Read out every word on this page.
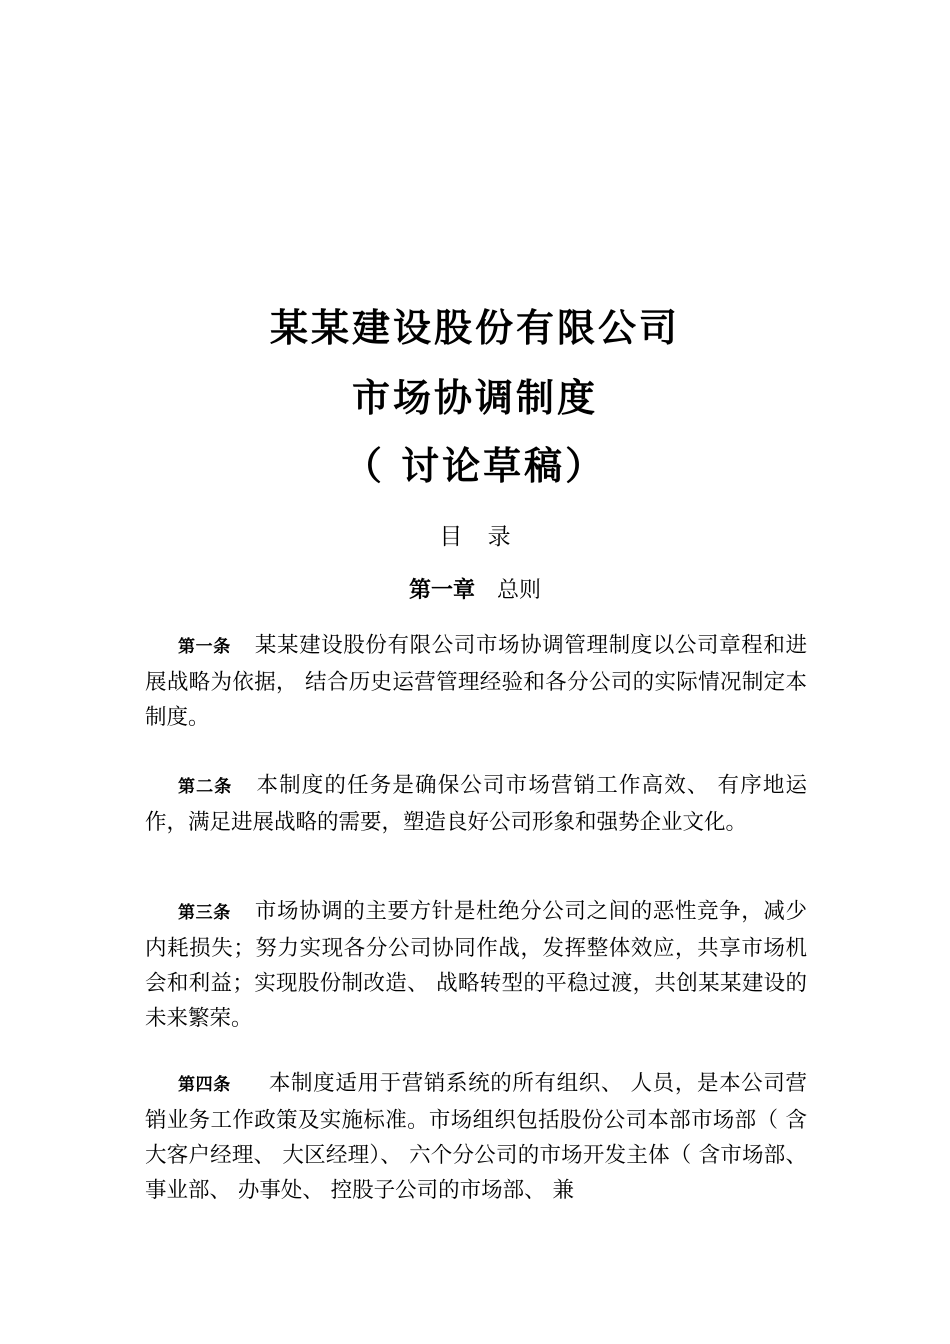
某某建设股份有限公司
市场协调制度
（ 讨论草稿）
目 录
第一章 总则

第一条 某某建设股份有限公司市场协调管理制度以公司章程和进展战略为依据， 结合历史运营管理经验和各分公司的实际情况制定本制度。

第二条 本制度的任务是确保公司市场营销工作高效、 有序地运作，满足进展战略的需要，塑造良好公司形象和强势企业文化。

第三条 市场协调的主要方针是杜绝分公司之间的恶性竞争，减少内耗损失；努力实现各分公司协同作战，发挥整体效应，共享市场机会和利益；实现股份制改造、 战略转型的平稳过渡，共创某某建设的未来繁荣。

第四条 本制度适用于营销系统的所有组织、 人员，是本公司营销业务工作政策及实施标准。市场组织包括股份公司本部市场部（ 含大客户经理、 大区经理）、 六个分公司的市场开发主体（ 含市场部、 事业部、 办事处、 控股子公司的市场部、 兼
